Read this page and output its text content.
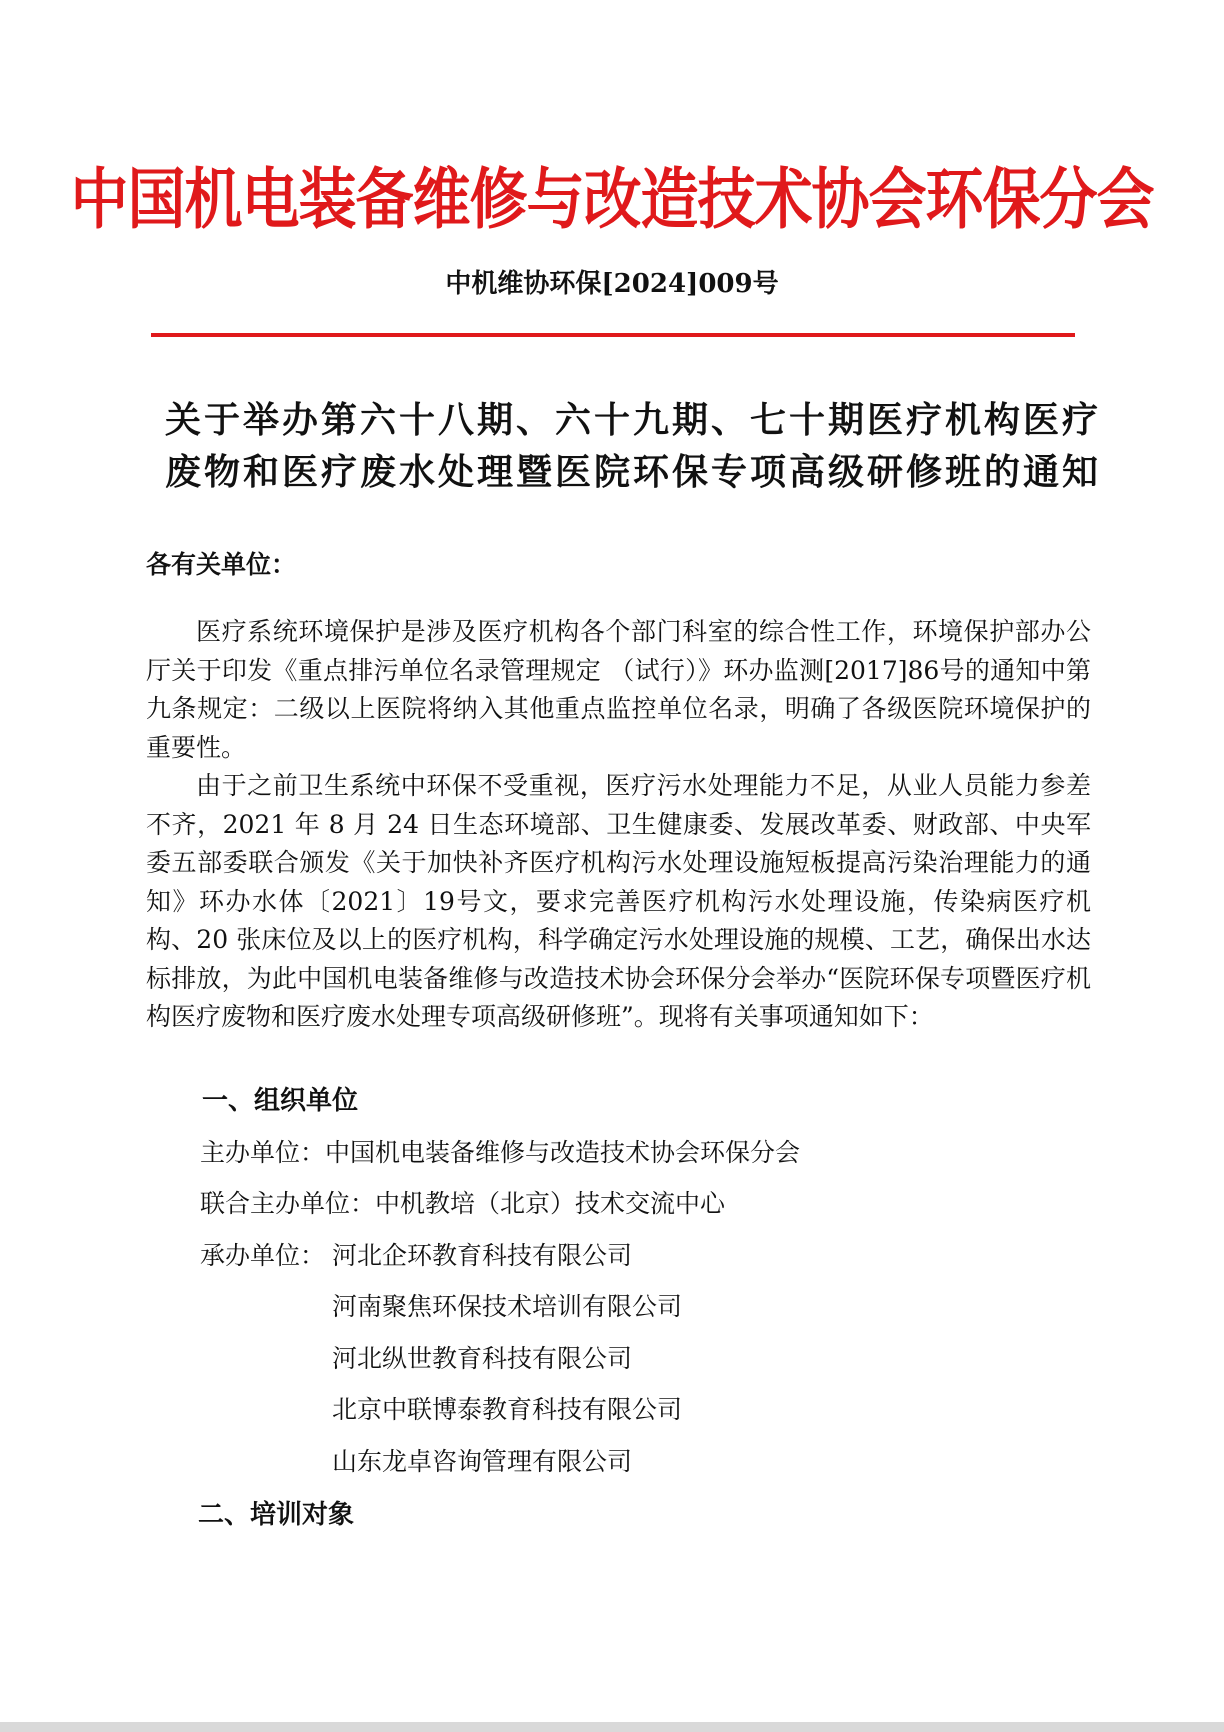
中国机电装备维修与改造技术协会环保分会
中机维协环保[2024]009号
关于举办第六十八期、六十九期、七十期医疗机构医疗
废物和医疗废水处理暨医院环保专项高级研修班的通知
各有关单位：

医疗系统环境保护是涉及医疗机构各个部门科室的综合性工作，环境保护部办公厅关于印发《重点排污单位名录管理规定 （试行）》环办监测[2017]86号的通知中第九条规定：二级以上医院将纳入其他重点监控单位名录，明确了各级医院环境保护的重要性。

由于之前卫生系统中环保不受重视，医疗污水处理能力不足，从业人员能力参差不齐，2021 年 8 月 24 日生态环境部、卫生健康委、发展改革委、财政部、中央军委五部委联合颁发《关于加快补齐医疗机构污水处理设施短板提高污染治理能力的通知》环办水体〔2021〕19号文，要求完善医疗机构污水处理设施，传染病医疗机构、20 张床位及以上的医疗机构，科学确定污水处理设施的规模、工艺，确保出水达标排放，为此中国机电装备维修与改造技术协会环保分会举办“医院环保专项暨医疗机构医疗废物和医疗废水处理专项高级研修班”。现将有关事项通知如下：

一、组织单位
主办单位：中国机电装备维修与改造技术协会环保分会
联合主办单位：中机教培（北京）技术交流中心
承办单位： 河北企环教育科技有限公司
河南聚焦环保技术培训有限公司
河北纵世教育科技有限公司
北京中联博泰教育科技有限公司
山东龙卓咨询管理有限公司
二、培训对象
